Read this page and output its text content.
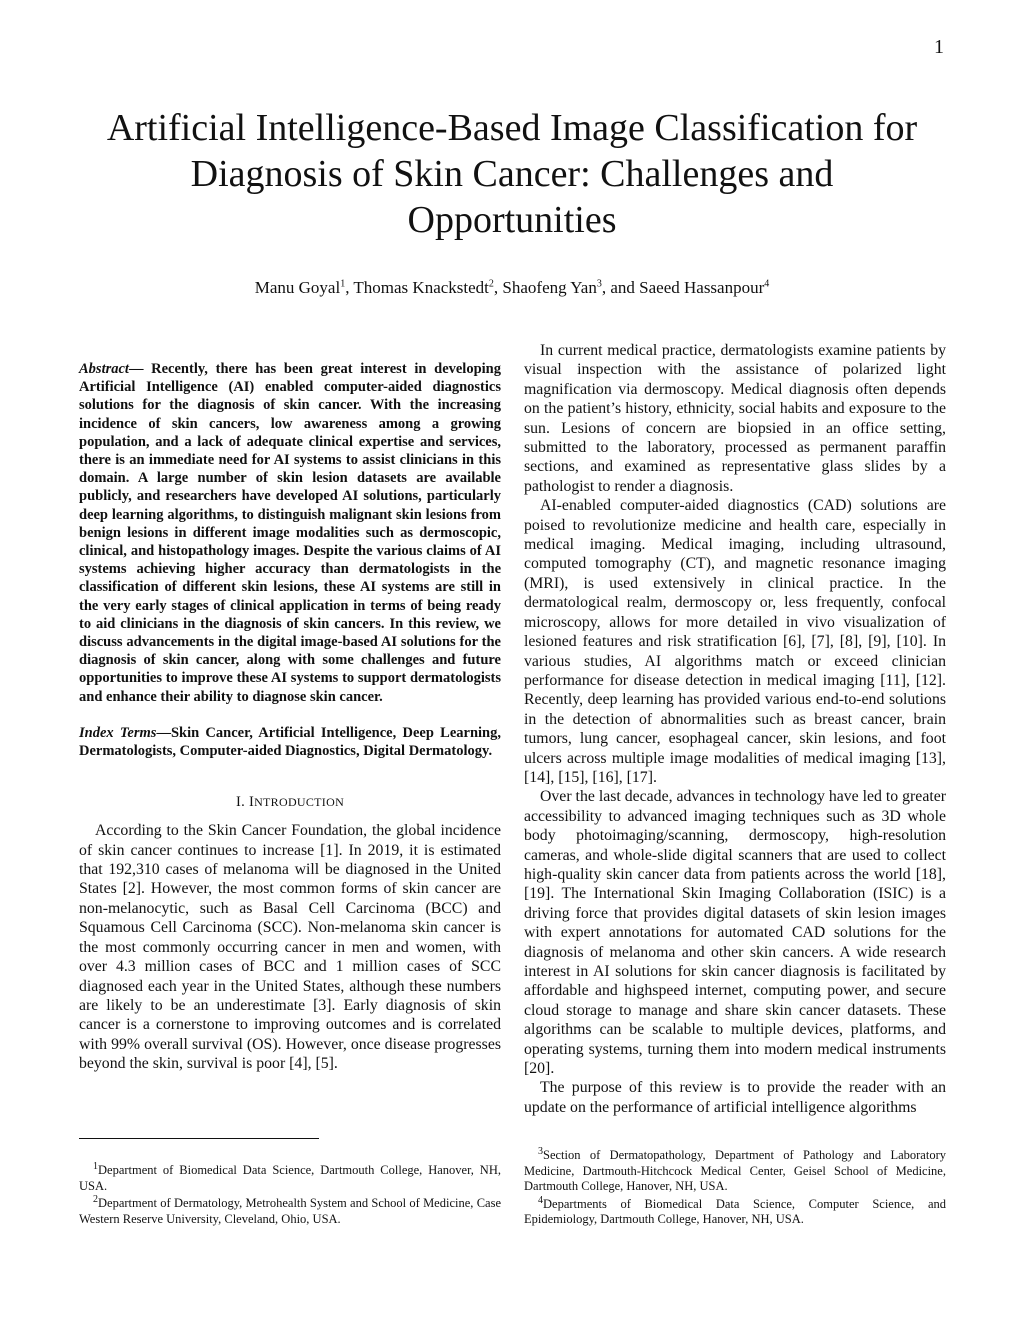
1
Artificial Intelligence-Based Image Classification for Diagnosis of Skin Cancer: Challenges and Opportunities
Manu Goyal$^1$, Thomas Knackstedt$^2$, Shaofeng Yan$^3$, and Saeed Hassanpour$^4$

Abstract— Recently, there has been great interest in developing Artificial Intelligence (AI) enabled computer-aided diagnostics solutions for the diagnosis of skin cancer. With the increasing incidence of skin cancers, low awareness among a growing population, and a lack of adequate clinical expertise and services, there is an immediate need for AI systems to assist clinicians in this domain. A large number of skin lesion datasets are available publicly, and researchers have developed AI solutions, particularly deep learning algorithms, to distinguish malignant skin lesions from benign lesions in different image modalities such as dermoscopic, clinical, and histopathology images. Despite the various claims of AI systems achieving higher accuracy than dermatologists in the classification of different skin lesions, these AI systems are still in the very early stages of clinical application in terms of being ready to aid clinicians in the diagnosis of skin cancers. In this review, we discuss advancements in the digital image-based AI solutions for the diagnosis of skin cancer, along with some challenges and future opportunities to improve these AI systems to support dermatologists and enhance their ability to diagnose skin cancer.

Index Terms—Skin Cancer, Artificial Intelligence, Deep Learning, Dermatologists, Computer-aided Diagnostics, Digital Dermatology.

I. INTRODUCTION

According to the Skin Cancer Foundation, the global incidence of skin cancer continues to increase [1]. In 2019, it is estimated that 192,310 cases of melanoma will be diagnosed in the United States [2]. However, the most common forms of skin cancer are non-melanocytic, such as Basal Cell Carcinoma (BCC) and Squamous Cell Carcinoma (SCC). Non-melanoma skin cancer is the most commonly occurring cancer in men and women, with over 4.3 million cases of BCC and 1 million cases of SCC diagnosed each year in the United States, although these numbers are likely to be an underestimate [3]. Early diagnosis of skin cancer is a cornerstone to improving outcomes and is correlated with 99% overall survival (OS). However, once disease progresses beyond the skin, survival is poor [4], [5].

In current medical practice, dermatologists examine patients by visual inspection with the assistance of polarized light magnification via dermoscopy. Medical diagnosis often depends on the patient’s history, ethnicity, social habits and exposure to the sun. Lesions of concern are biopsied in an office setting, submitted to the laboratory, processed as permanent paraffin sections, and examined as representative glass slides by a pathologist to render a diagnosis.

AI-enabled computer-aided diagnostics (CAD) solutions are poised to revolutionize medicine and health care, especially in medical imaging. Medical imaging, including ultrasound, computed tomography (CT), and magnetic resonance imaging (MRI), is used extensively in clinical practice. In the dermatological realm, dermoscopy or, less frequently, confocal microscopy, allows for more detailed in vivo visualization of lesioned features and risk stratification [6], [7], [8], [9], [10]. In various studies, AI algorithms match or exceed clinician performance for disease detection in medical imaging [11], [12]. Recently, deep learning has provided various end-to-end solutions in the detection of abnormalities such as breast cancer, brain tumors, lung cancer, esophageal cancer, skin lesions, and foot ulcers across multiple image modalities of medical imaging [13], [14], [15], [16], [17].

Over the last decade, advances in technology have led to greater accessibility to advanced imaging techniques such as 3D whole body photoimaging/scanning, dermoscopy, high-resolution cameras, and whole-slide digital scanners that are used to collect high-quality skin cancer data from patients across the world [18], [19]. The International Skin Imaging Collaboration (ISIC) is a driving force that provides digital datasets of skin lesion images with expert annotations for automated CAD solutions for the diagnosis of melanoma and other skin cancers. A wide research interest in AI solutions for skin cancer diagnosis is facilitated by affordable and highspeed internet, computing power, and secure cloud storage to manage and share skin cancer datasets. These algorithms can be scalable to multiple devices, platforms, and operating systems, turning them into modern medical instruments [20].

The purpose of this review is to provide the reader with an update on the performance of artificial intelligence algorithms

$^1$Department of Biomedical Data Science, Dartmouth College, Hanover, NH, USA.

$^2$Department of Dermatology, Metrohealth System and School of Medicine, Case Western Reserve University, Cleveland, Ohio, USA.

$^3$Section of Dermatopathology, Department of Pathology and Laboratory Medicine, Dartmouth-Hitchcock Medical Center, Geisel School of Medicine, Dartmouth College, Hanover, NH, USA.

$^4$Departments of Biomedical Data Science, Computer Science, and Epidemiology, Dartmouth College, Hanover, NH, USA.
